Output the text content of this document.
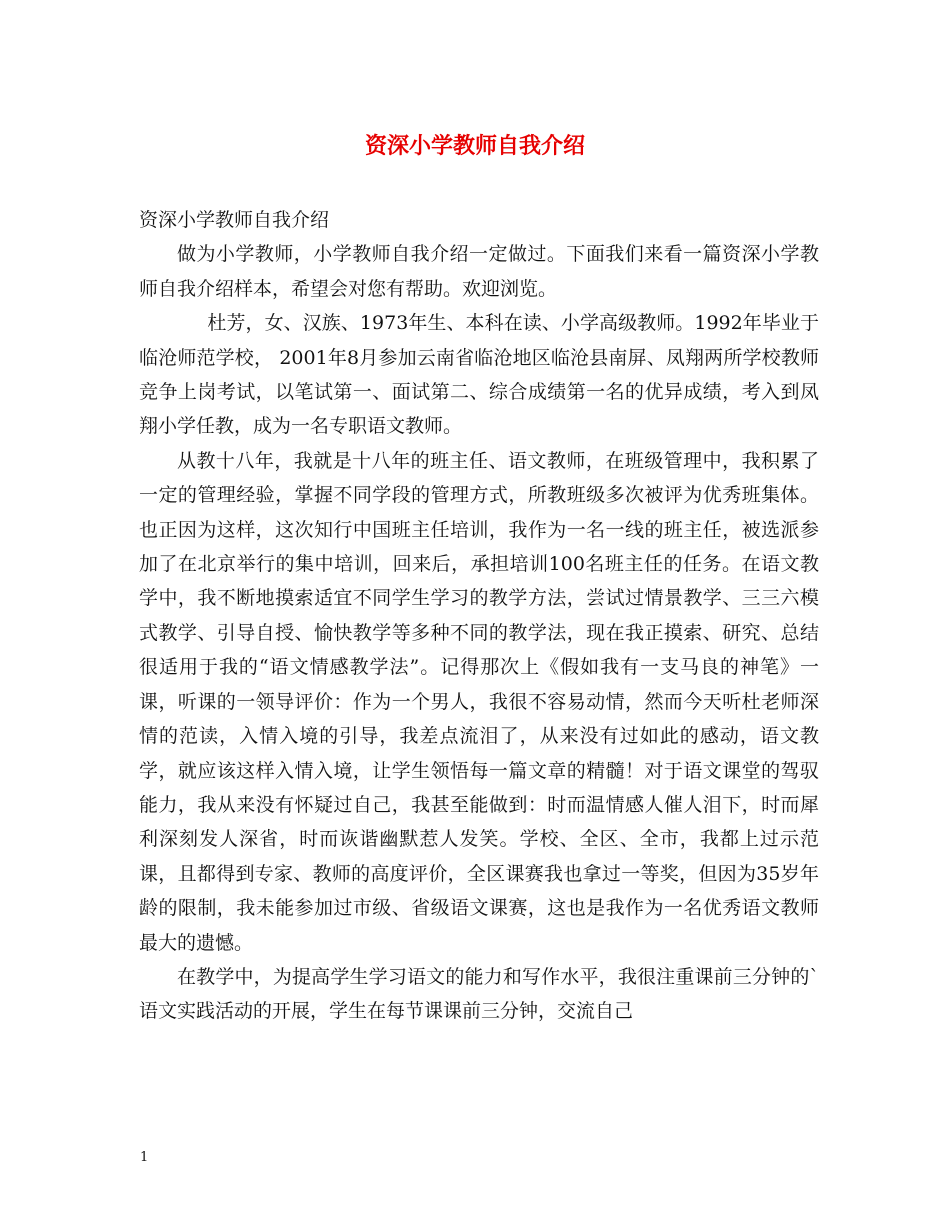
资深小学教师自我介绍

资深小学教师自我介绍

做为小学教师，小学教师自我介绍一定做过。下面我们来看一篇资深小学教师自我介绍样本，希望会对您有帮助。欢迎浏览。

杜芳，女、汉族、1973年生、本科在读、小学高级教师。1992年毕业于临沧师范学校， 2001年8月参加云南省临沧地区临沧县南屏、凤翔两所学校教师竞争上岗考试，以笔试第一、面试第二、综合成绩第一名的优异成绩，考入到凤翔小学任教，成为一名专职语文教师。

从教十八年，我就是十八年的班主任、语文教师，在班级管理中，我积累了一定的管理经验，掌握不同学段的管理方式，所教班级多次被评为优秀班集体。也正因为这样，这次知行中国班主任培训，我作为一名一线的班主任，被选派参加了在北京举行的集中培训，回来后，承担培训100名班主任的任务。在语文教学中，我不断地摸索适宜不同学生学习的教学方法，尝试过情景教学、三三六模式教学、引导自授、愉快教学等多种不同的教学法，现在我正摸索、研究、总结很适用于我的“语文情感教学法”。记得那次上《假如我有一支马良的神笔》一课，听课的一领导评价：作为一个男人，我很不容易动情，然而今天听杜老师深情的范读，入情入境的引导，我差点流泪了，从来没有过如此的感动，语文教学，就应该这样入情入境，让学生领悟每一篇文章的精髓！对于语文课堂的驾驭能力，我从来没有怀疑过自己，我甚至能做到：时而温情感人催人泪下，时而犀利深刻发人深省，时而诙谐幽默惹人发笑。学校、全区、全市，我都上过示范课，且都得到专家、教师的高度评价，全区课赛我也拿过一等奖，但因为35岁年龄的限制，我未能参加过市级、省级语文课赛，这也是我作为一名优秀语文教师最大的遗憾。

在教学中，为提高学生学习语文的能力和写作水平，我很注重课前三分钟的`语文实践活动的开展，学生在每节课课前三分钟，交流自己

1
